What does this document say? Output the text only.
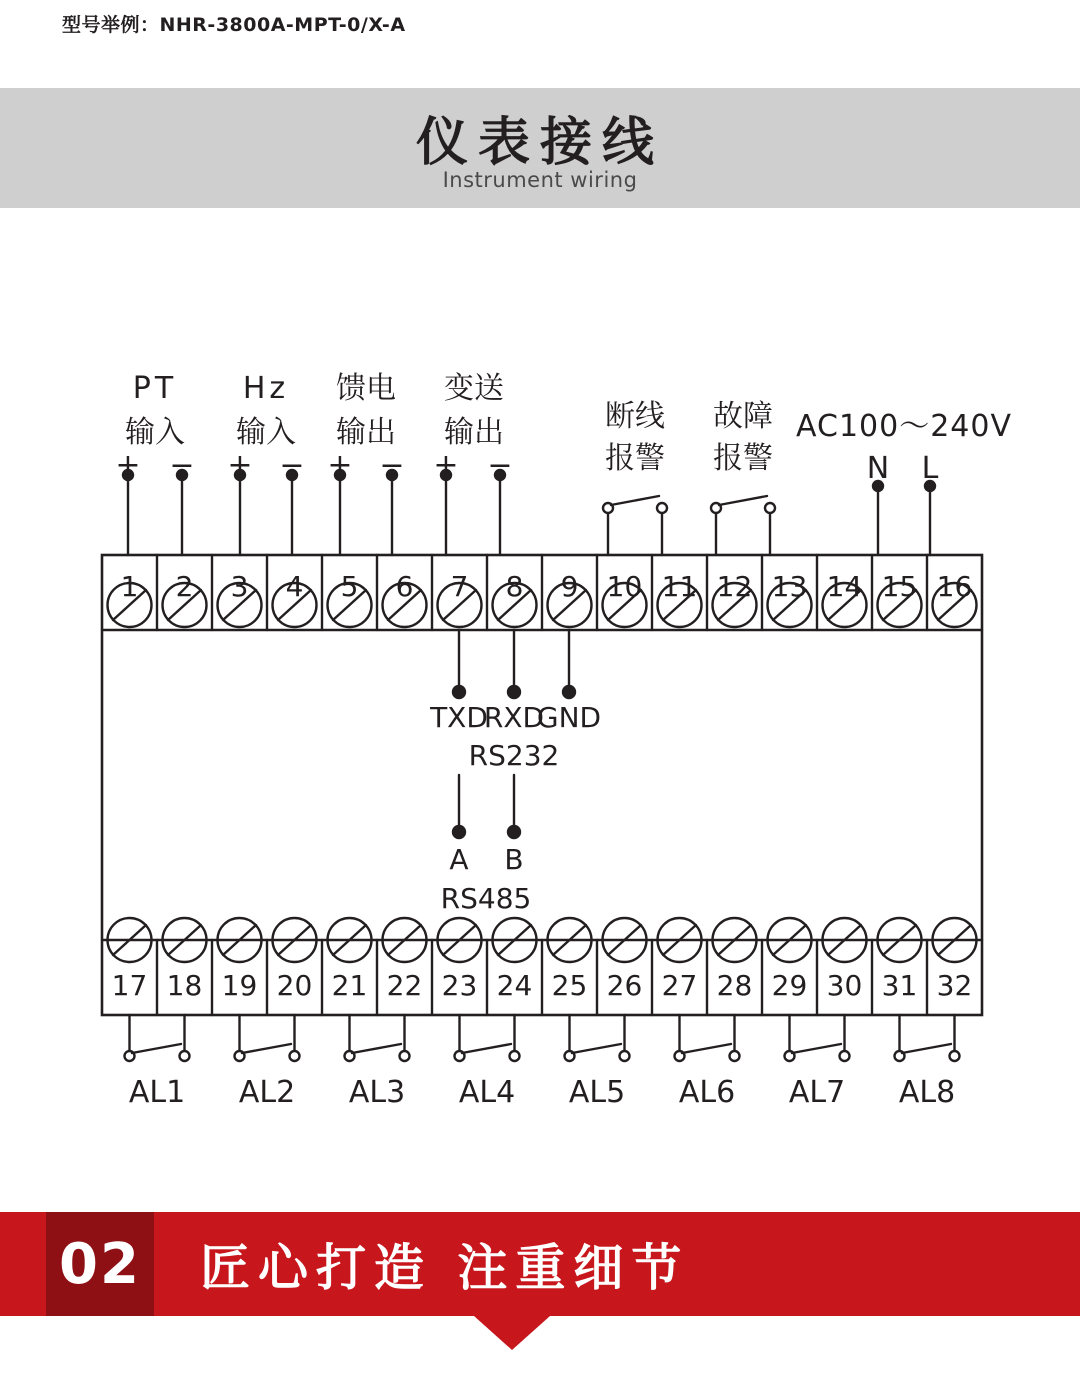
型号举例：NHR-3800A-MPT-0/X-A
仪表接线
Instrument wiring
PT
输入
+ −
Hz
输入
+ −
馈电
输出
+ −
变送
输出
+ −
断线
报警
故障
报警
AC100～240V
N L
1 2 3 4 5 6 7 8 9 10 11 12 13 14 15 16
TXD
RXD
GND
RS232
A B
RS485
17 18 19 20 21 22 23 24 25 26 27 28 29 30 31 32
AL1 AL2 AL3 AL4 AL5 AL6 AL7 AL8
02 匠心打造 注重细节
